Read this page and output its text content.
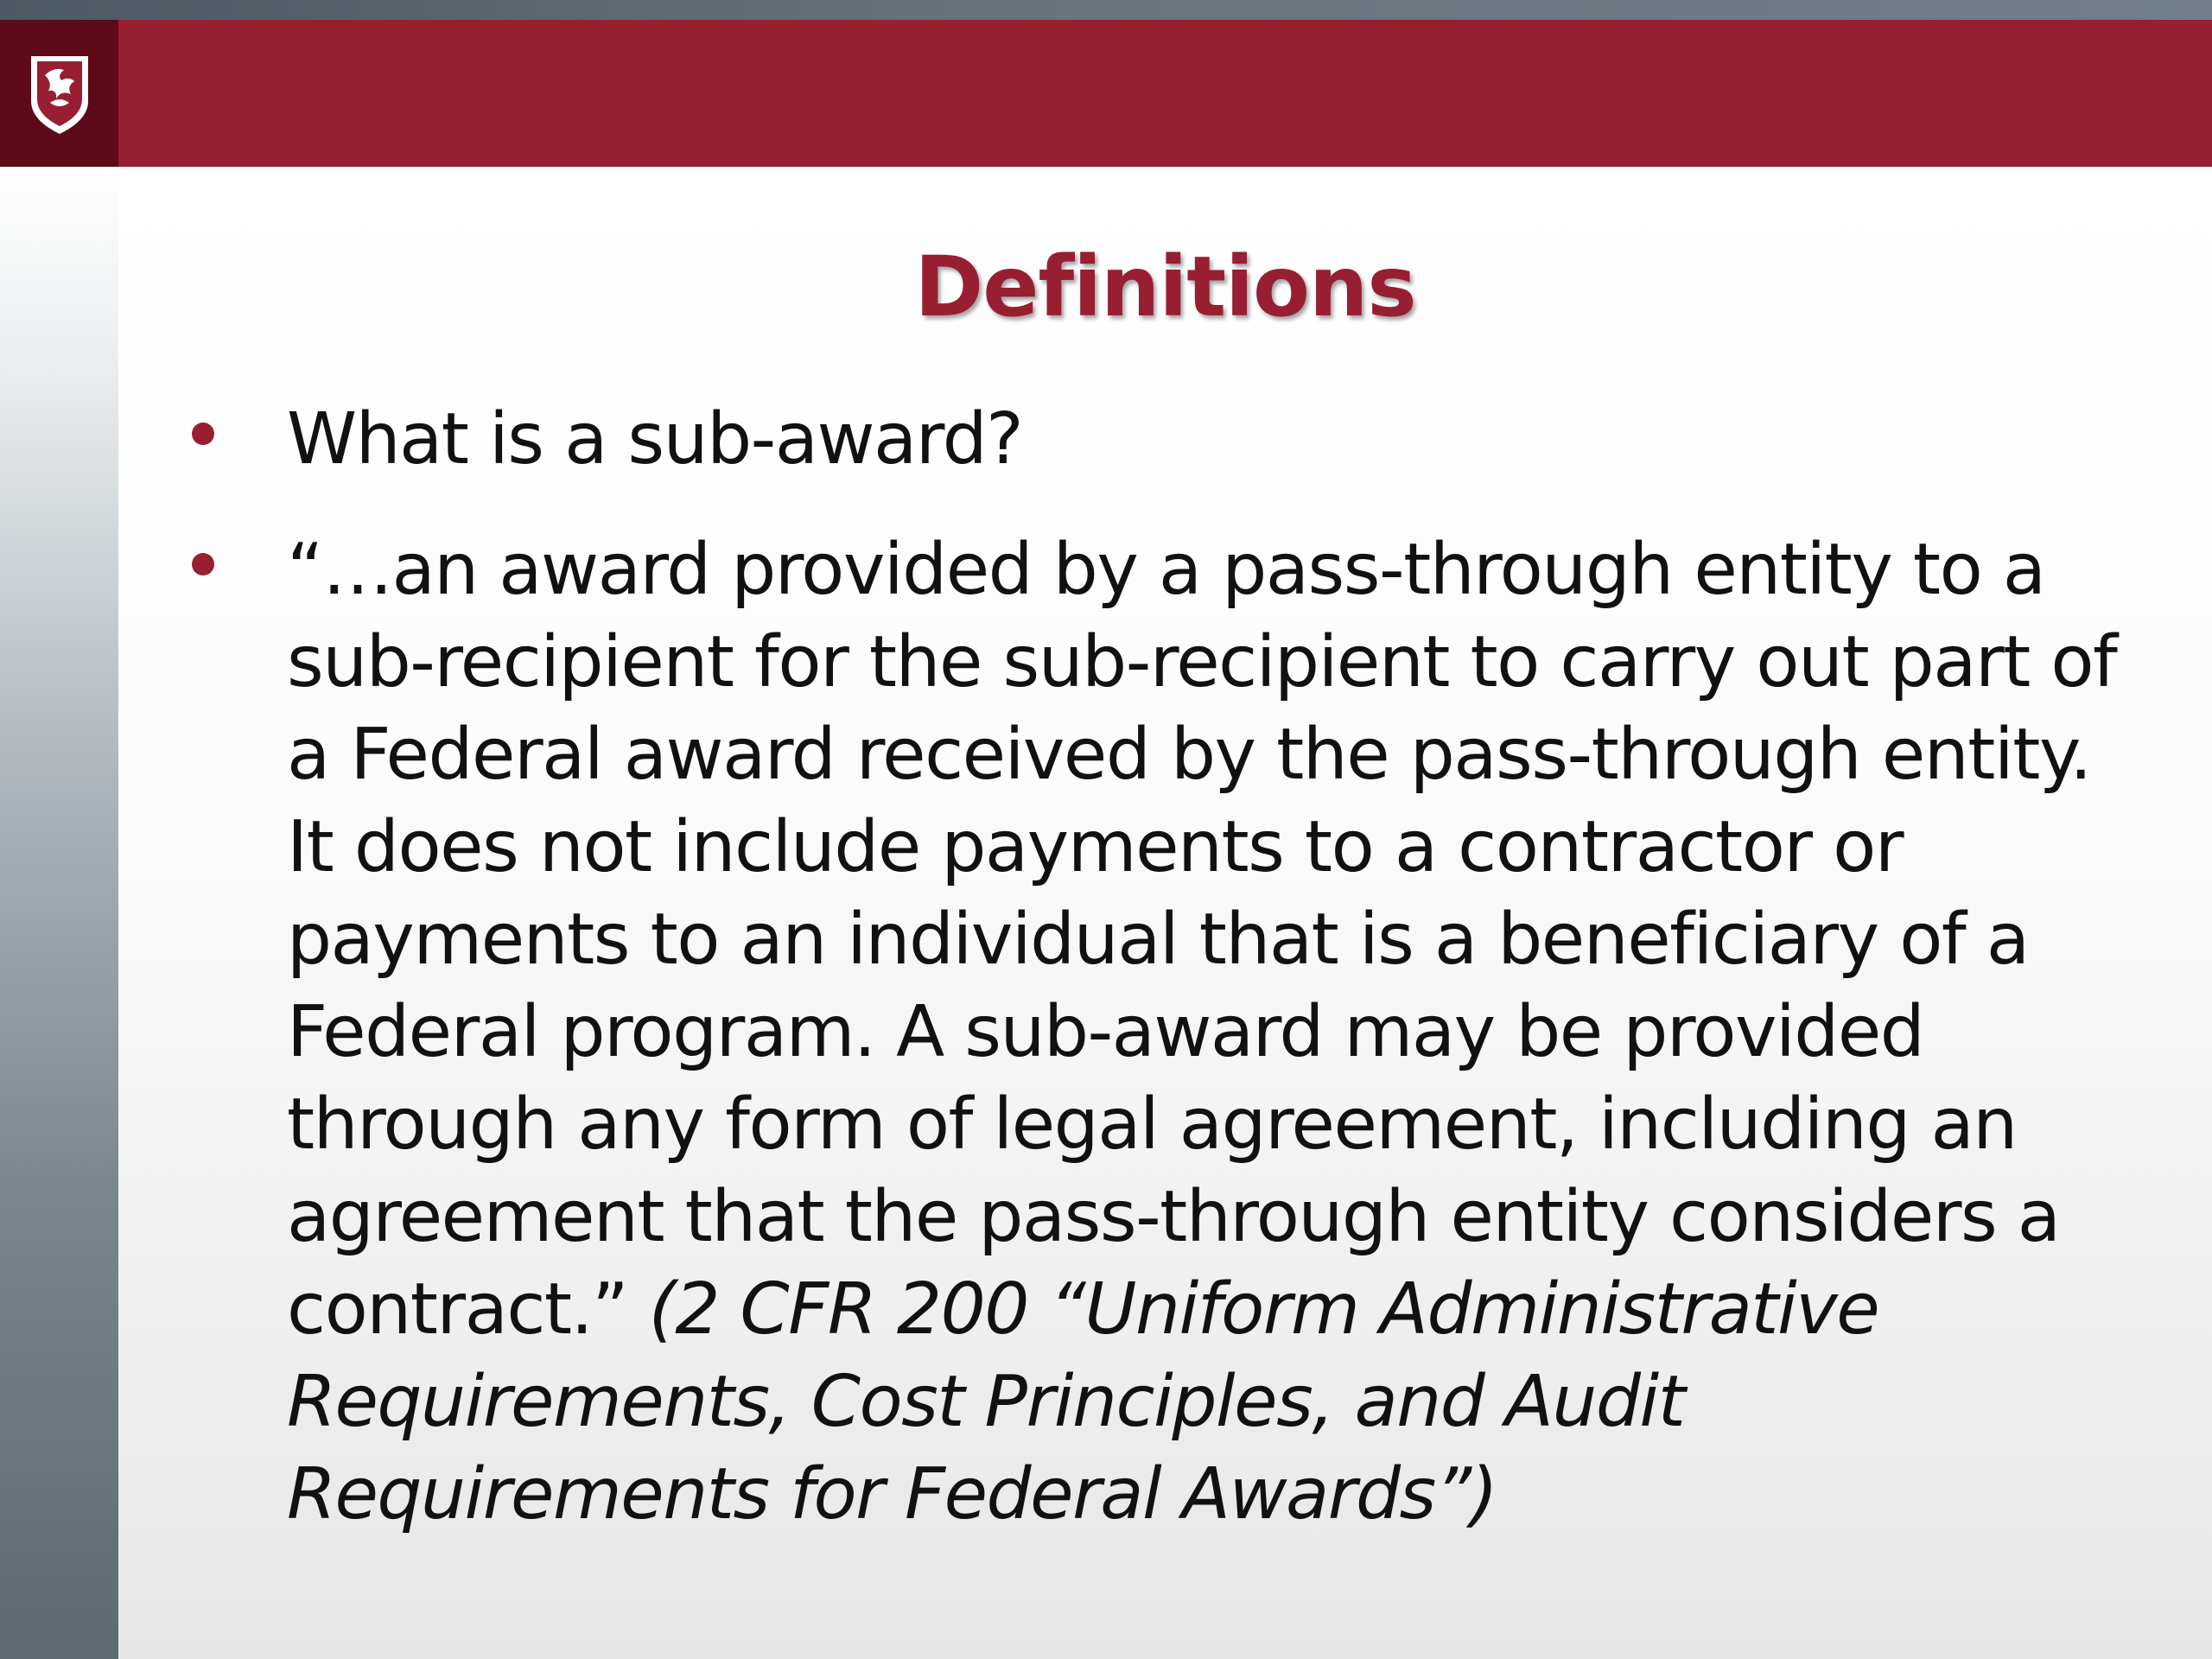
Definitions
What is a sub-award?
“…an award provided by a pass-through entity to a sub-recipient for the sub-recipient to carry out part of a Federal award received by the pass-through entity. It does not include payments to a contractor or payments to an individual that is a beneficiary of a Federal program. A sub-award may be provided through any form of legal agreement, including an agreement that the pass-through entity considers a contract.” (2 CFR 200 “Uniform Administrative Requirements, Cost Principles, and Audit Requirements for Federal Awards”)
